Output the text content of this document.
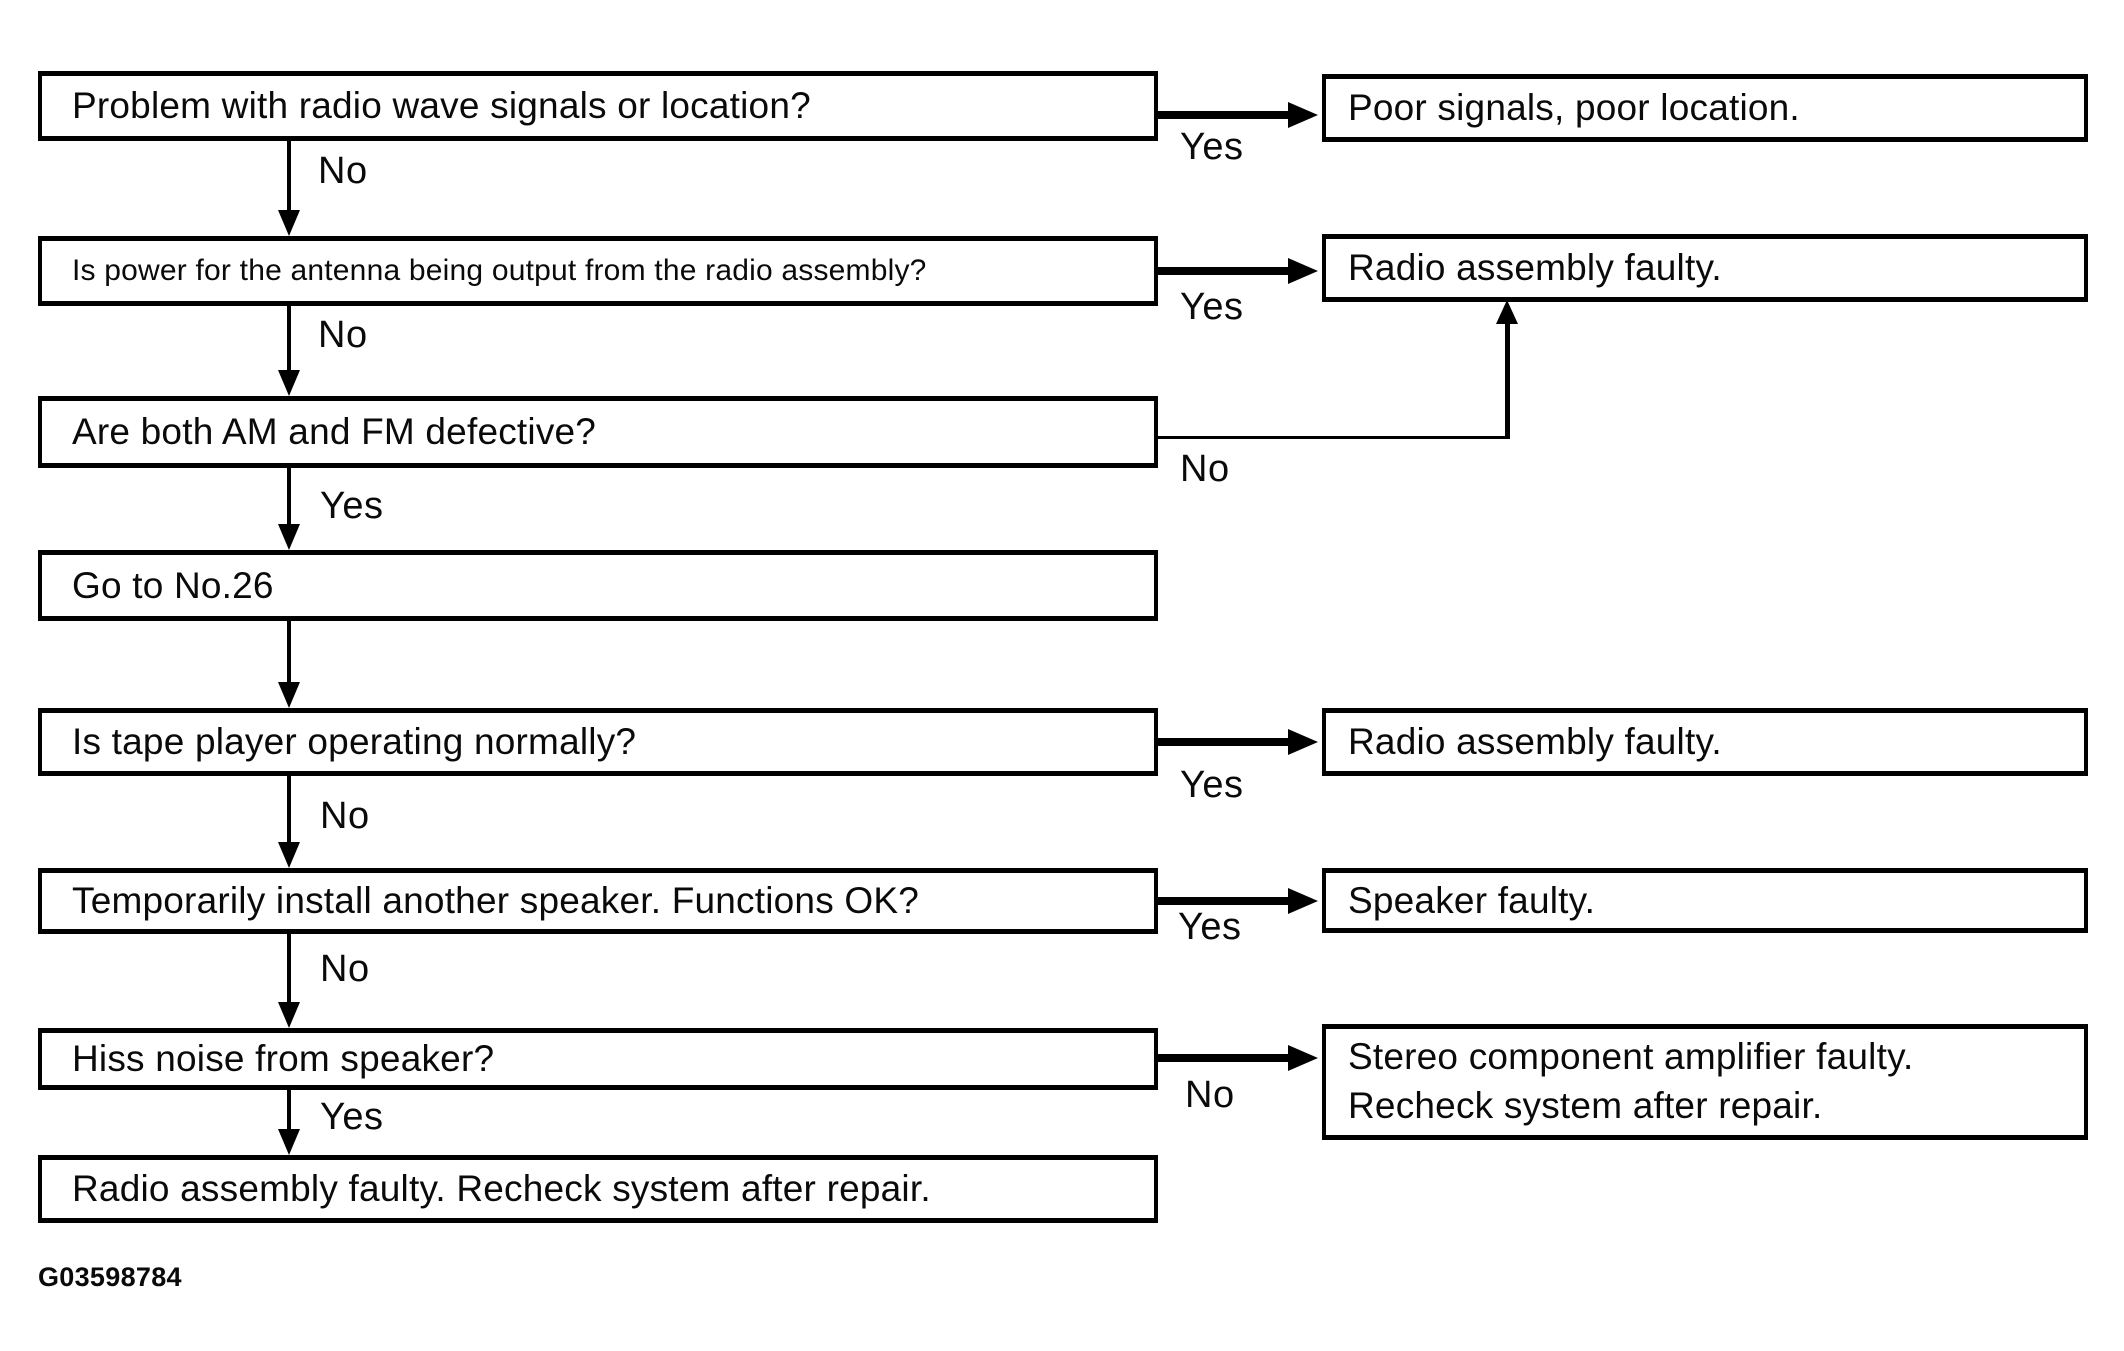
Problem with radio wave signals or location?
Is power for the antenna being output from the radio assembly?
Are both AM and FM defective?
Go to No.26
Is tape player operating normally?
Temporarily install another speaker. Functions OK?
Hiss noise from speaker?
Radio assembly faulty. Recheck system after repair.
Poor signals, poor location.
Radio assembly faulty.
Radio assembly faulty.
Speaker faulty.
Stereo component amplifier faulty.
Recheck system after repair.
No
No
Yes
No
No
Yes
Yes
Yes
No
Yes
Yes
No
G03598784
